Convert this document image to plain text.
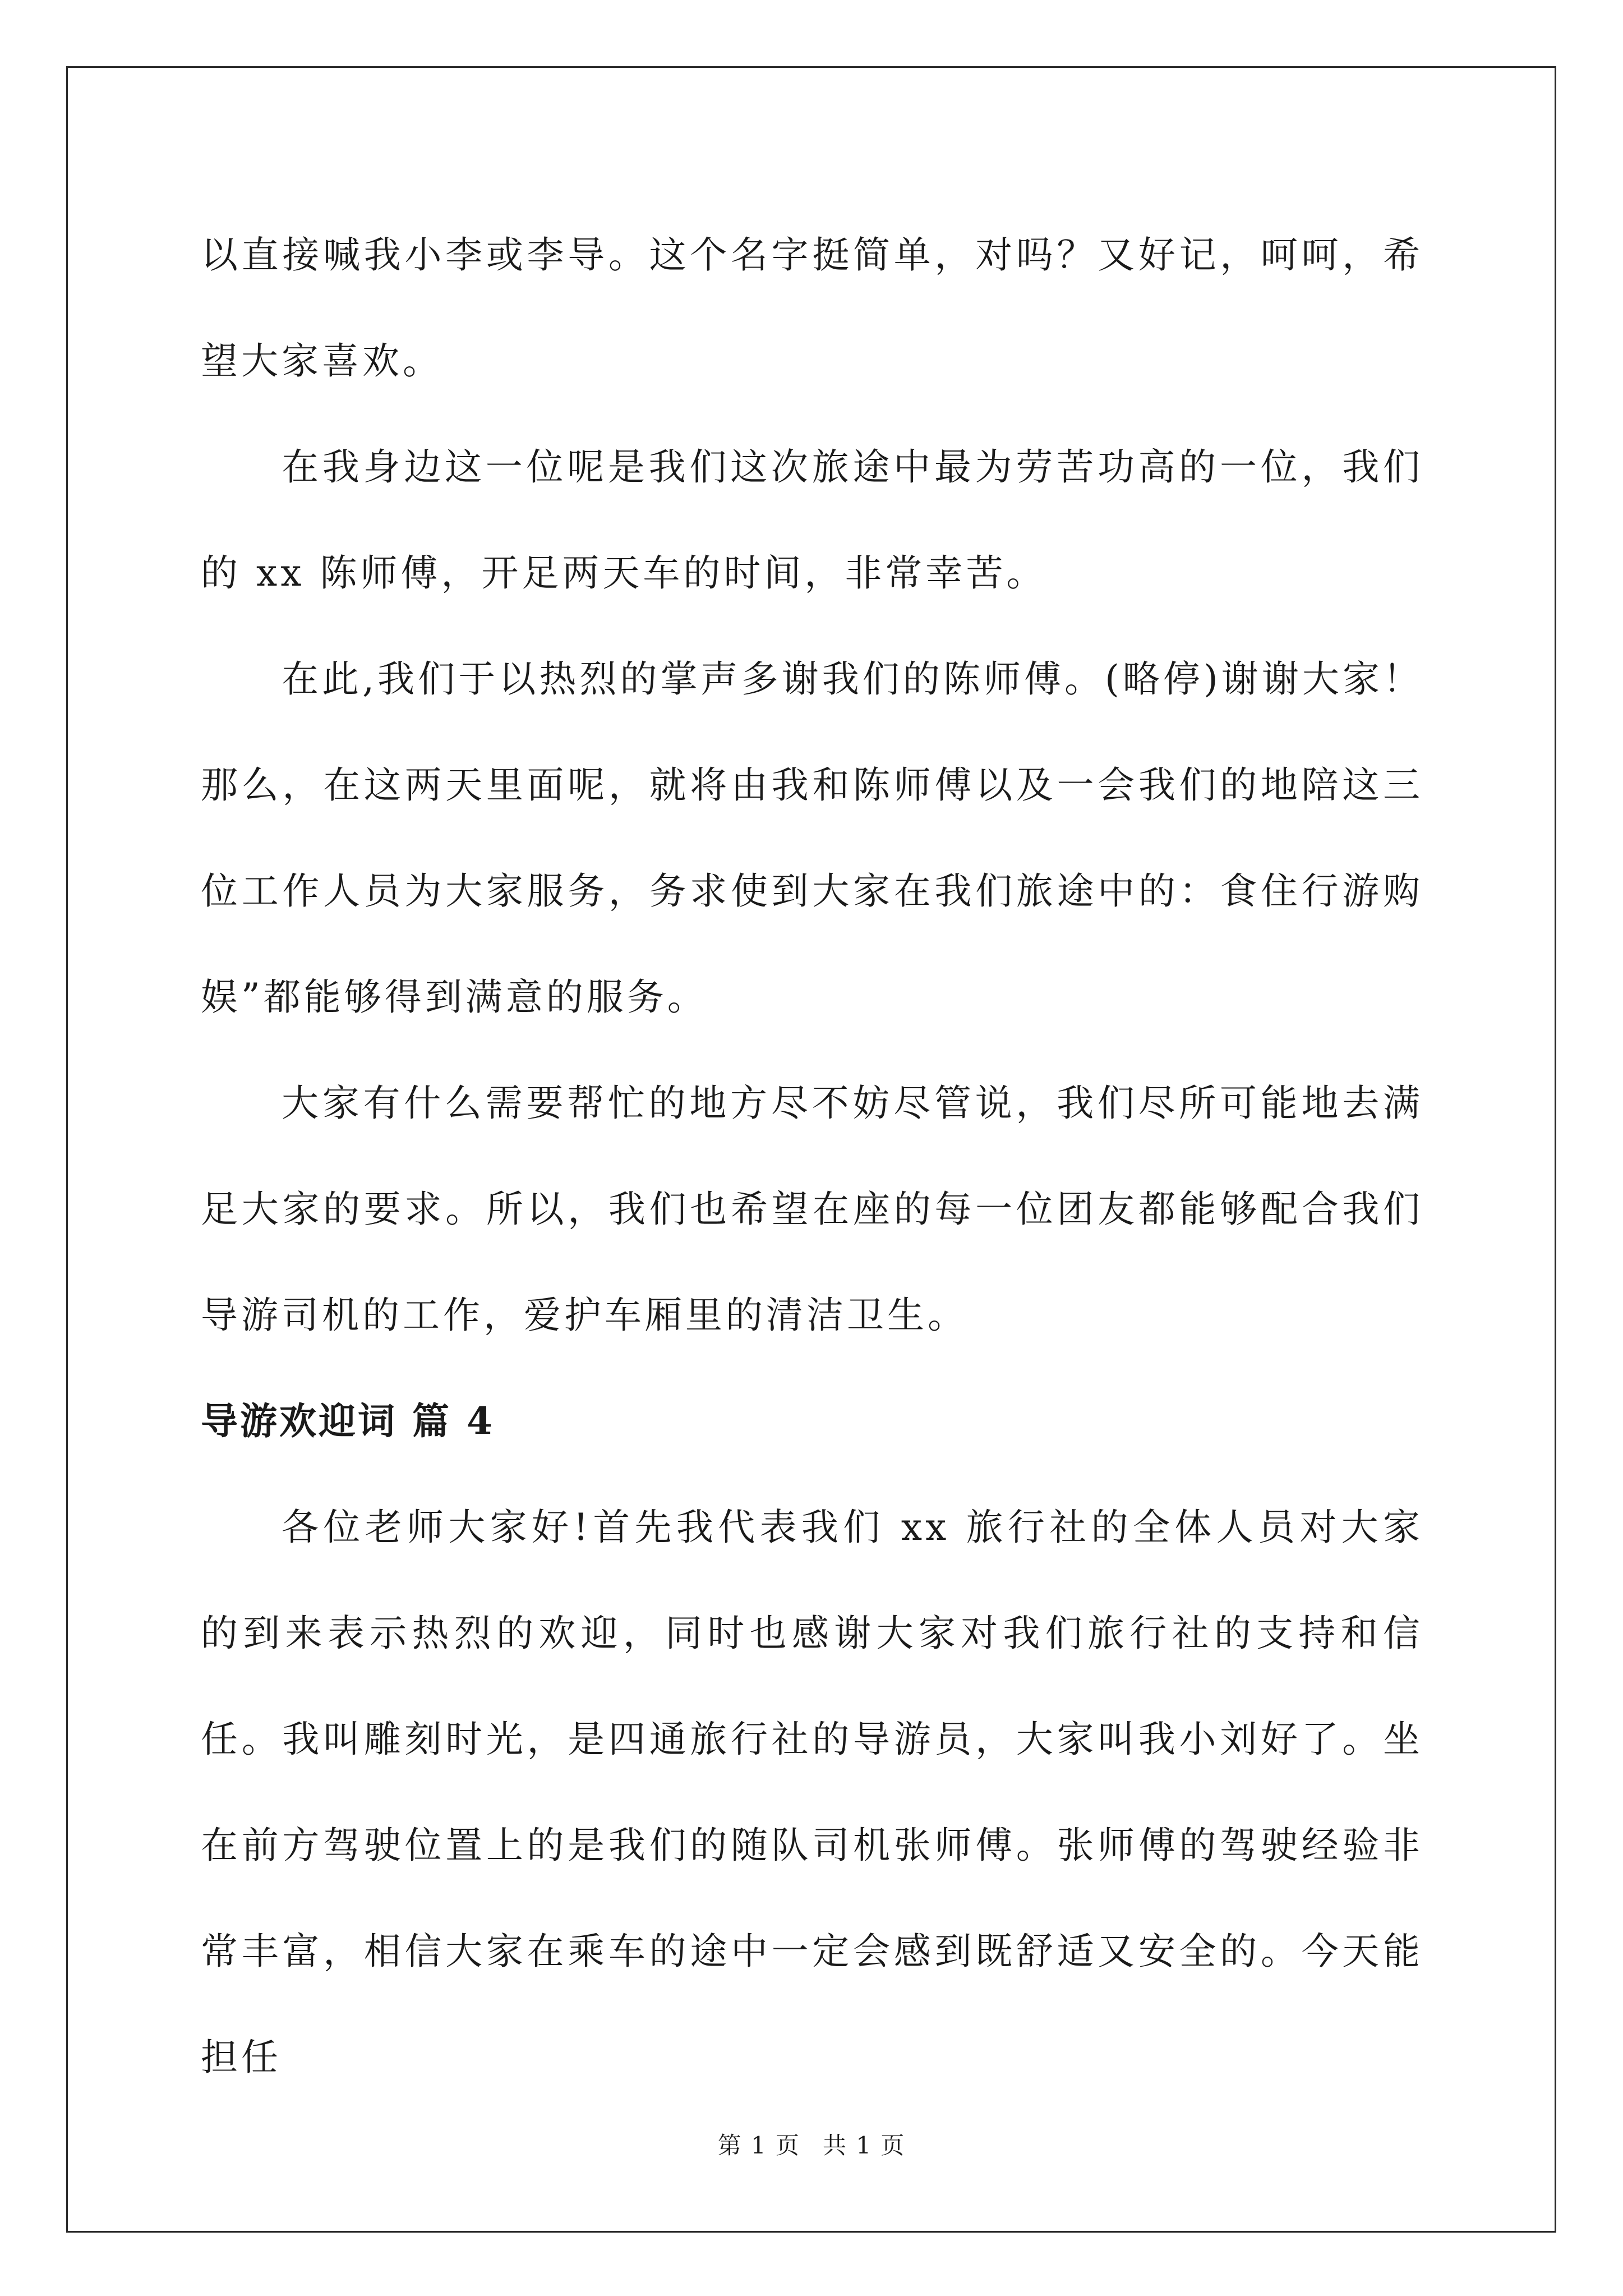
以直接喊我小李或李导。这个名字挺简单，对吗？又好记，呵呵，希望大家喜欢。

在我身边这一位呢是我们这次旅途中最为劳苦功高的一位，我们的 xx 陈师傅，开足两天车的时间，非常幸苦。

在此,我们于以热烈的掌声多谢我们的陈师傅。(略停)谢谢大家！那么，在这两天里面呢，就将由我和陈师傅以及一会我们的地陪这三位工作人员为大家服务，务求使到大家在我们旅途中的：食住行游购娱”都能够得到满意的服务。

大家有什么需要帮忙的地方尽不妨尽管说，我们尽所可能地去满足大家的要求。所以，我们也希望在座的每一位团友都能够配合我们导游司机的工作，爱护车厢里的清洁卫生。

导游欢迎词 篇 4

各位老师大家好!首先我代表我们 xx 旅行社的全体人员对大家的到来表示热烈的欢迎，同时也感谢大家对我们旅行社的支持和信任。我叫雕刻时光，是四通旅行社的导游员，大家叫我小刘好了。坐在前方驾驶位置上的是我们的随队司机张师傅。张师傅的驾驶经验非常丰富，相信大家在乘车的途中一定会感到既舒适又安全的。今天能担任

第 1 页 共 1 页
